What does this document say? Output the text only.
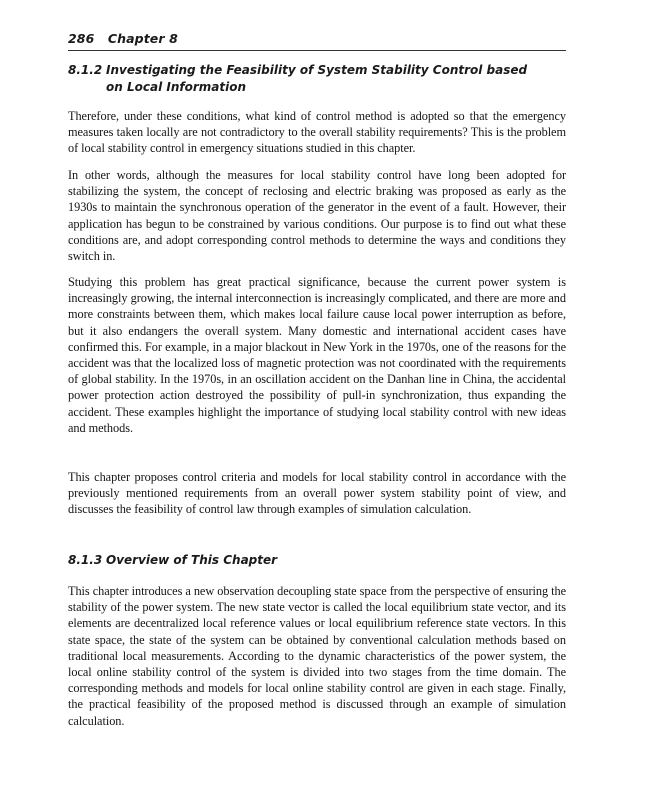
286 Chapter 8
8.1.2 Investigating the Feasibility of System Stability Control based on Local Information

Therefore, under these conditions, what kind of control method is adopted so that the emergency measures taken locally are not contradictory to the overall stability requirements? This is the problem of local stability control in emergency situations studied in this chapter.

In other words, although the measures for local stability control have long been adopted for stabilizing the system, the concept of reclosing and electric braking was proposed as early as the 1930s to maintain the synchronous operation of the generator in the event of a fault. However, their application has begun to be constrained by various conditions. Our purpose is to find out what these conditions are, and adopt corresponding control methods to determine the ways and conditions they switch in.

Studying this problem has great practical significance, because the current power system is increasingly growing, the internal interconnection is increasingly complicated, and there are more and more constraints between them, which makes local failure cause local power interruption as before, but it also endangers the overall system. Many domestic and international accident cases have confirmed this. For example, in a major blackout in New York in the 1970s, one of the reasons for the accident was that the localized loss of magnetic protection was not coordinated with the requirements of global stability. In the 1970s, in an oscillation accident on the Danhan line in China, the accidental power protection action destroyed the possibility of pull-in synchronization, thus expanding the accident. These examples highlight the importance of studying local stability control with new ideas and methods.

This chapter proposes control criteria and models for local stability control in accordance with the previously mentioned requirements from an overall power system stability point of view, and discusses the feasibility of control law through examples of simulation calculation.

8.1.3 Overview of This Chapter

This chapter introduces a new observation decoupling state space from the perspective of ensuring the stability of the power system. The new state vector is called the local equilibrium state vector, and its elements are decentralized local reference values or local equilibrium reference state vectors. In this state space, the state of the system can be obtained by conventional calculation methods based on traditional local measurements. According to the dynamic characteristics of the power system, the local online stability control of the system is divided into two stages from the time domain. The corresponding methods and models for local online stability control are given in each stage. Finally, the practical feasibility of the proposed method is discussed through an example of simulation calculation.
